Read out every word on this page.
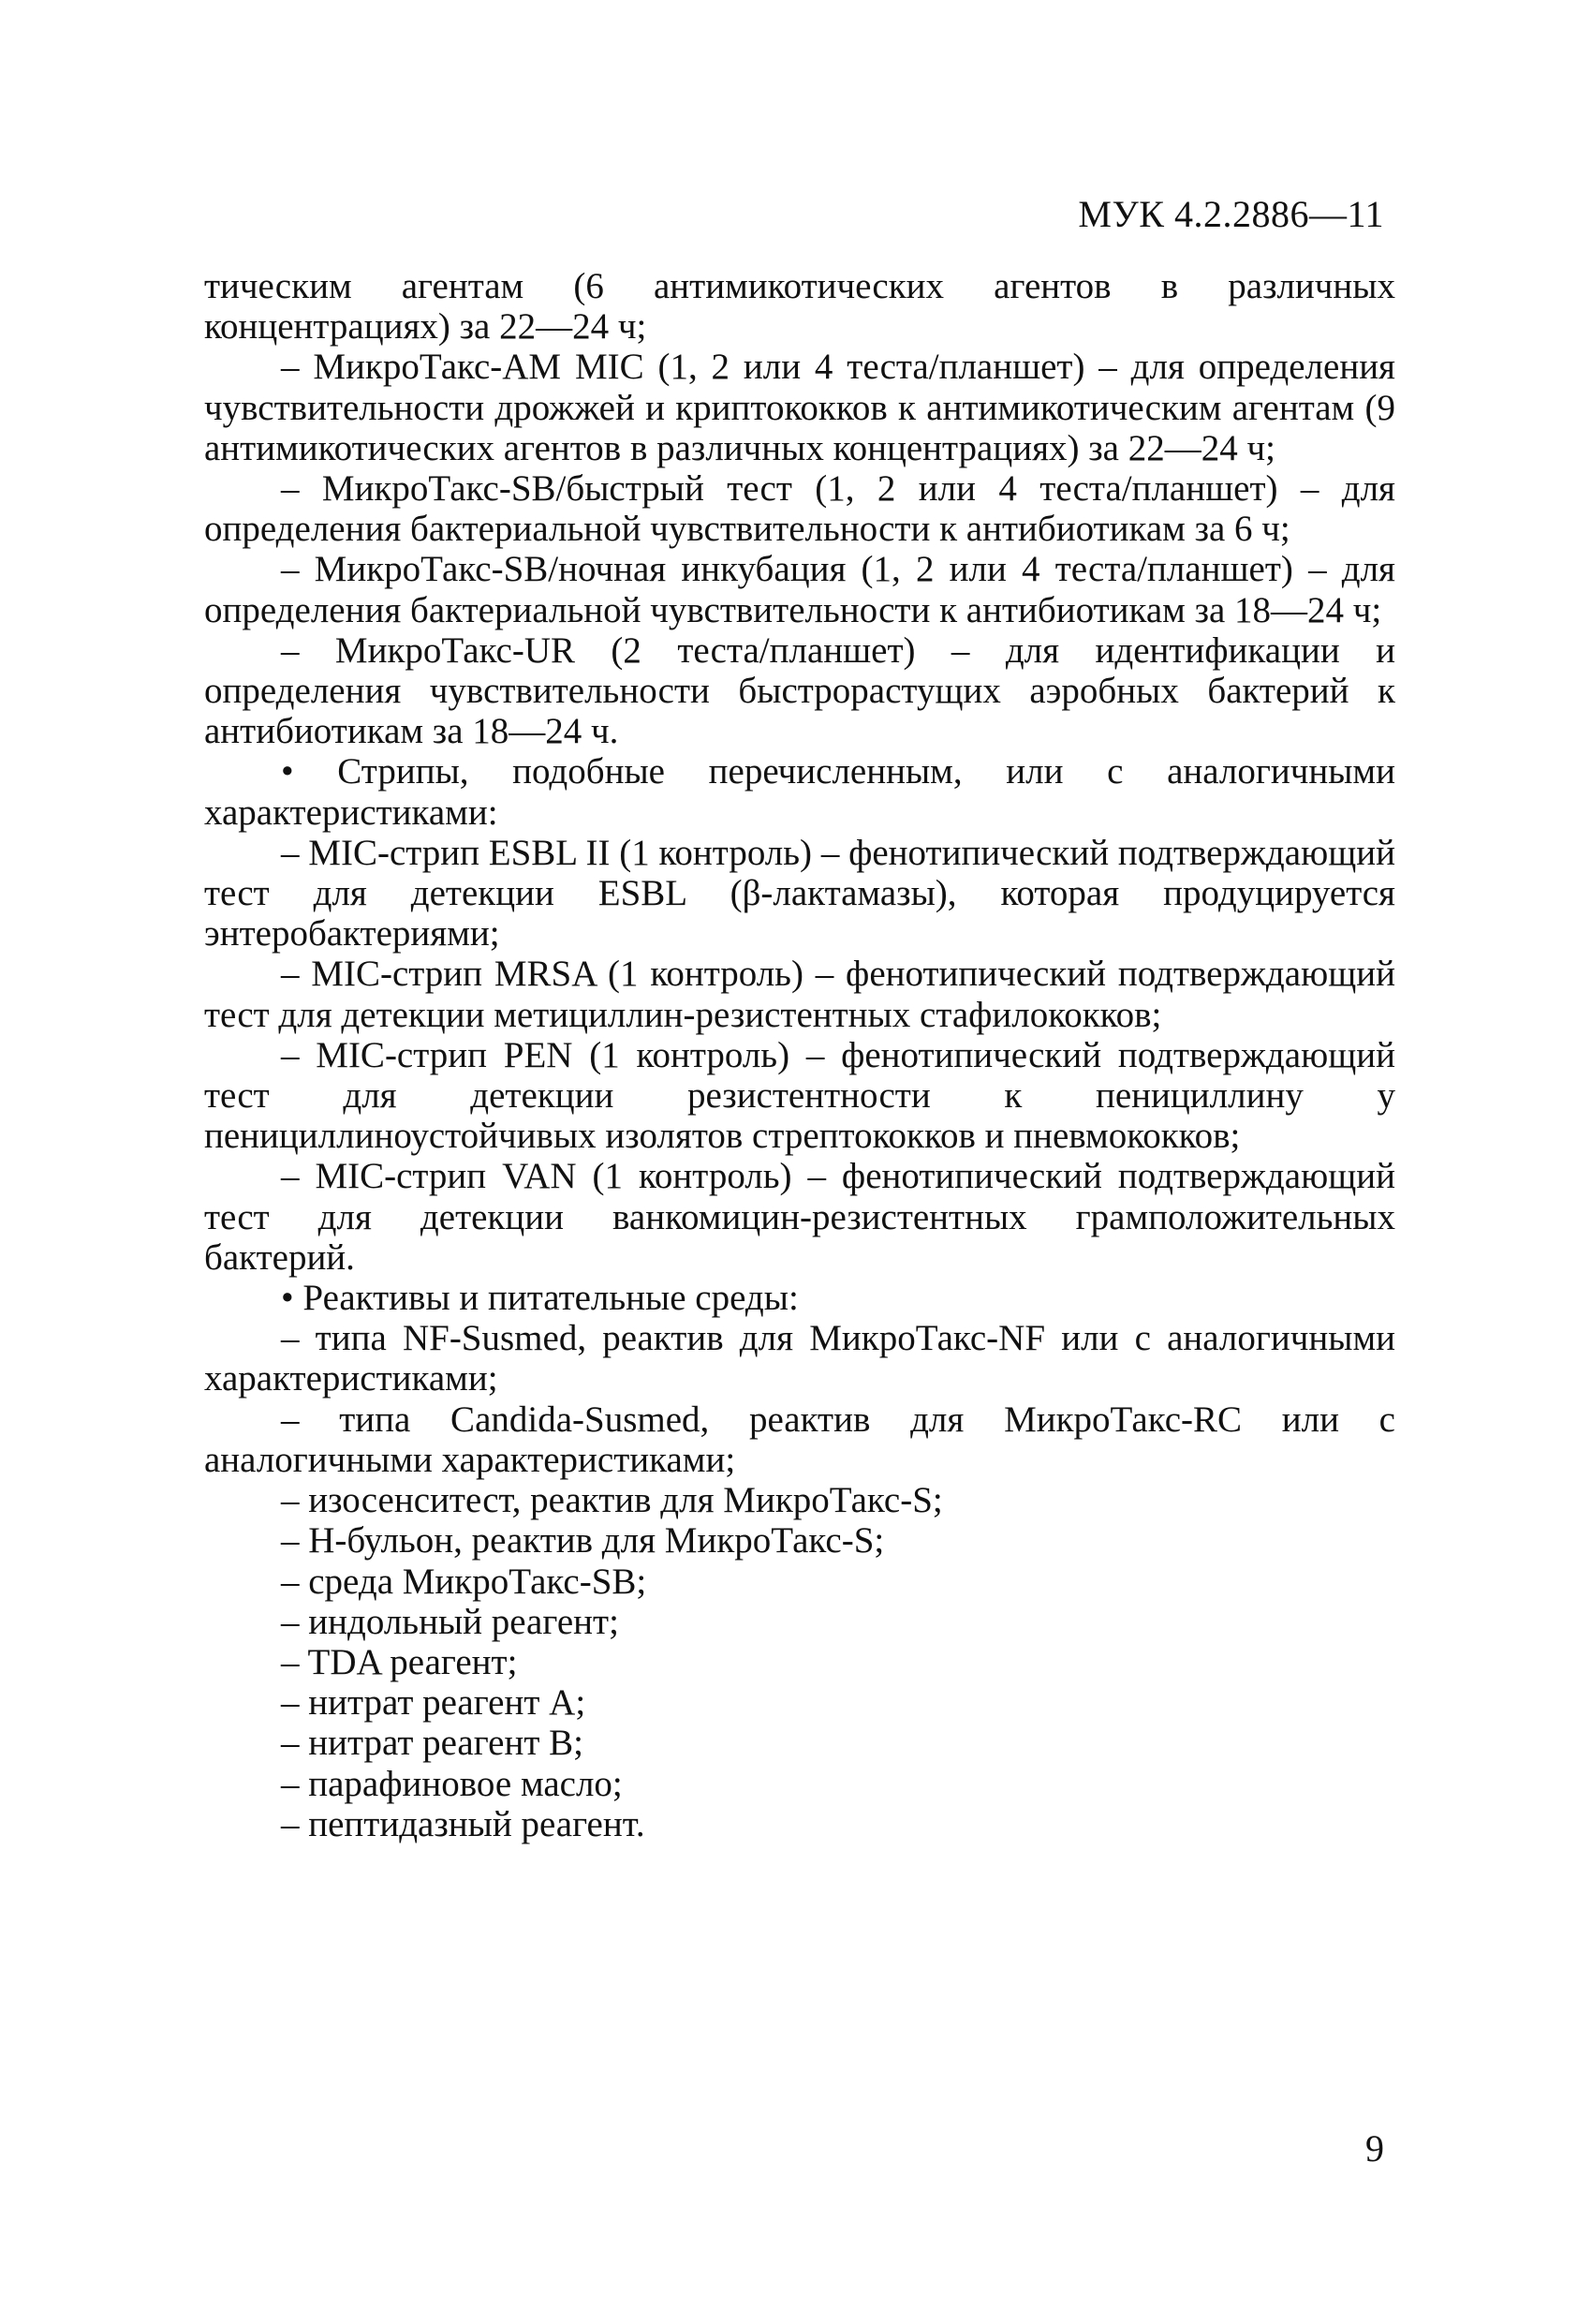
МУК 4.2.2886—11

тическим агентам (6 антимикотических агентов в различных концентрациях) за 22—24 ч;

– МикроТакс-AM MIC (1, 2 или 4 теста/планшет) – для определения чувствительности дрожжей и криптококков к антимикотическим агентам (9 антимикотических агентов в различных концентрациях) за 22—24 ч;

– МикроТакс-SB/быстрый тест (1, 2 или 4 теста/планшет) – для определения бактериальной чувствительности к антибиотикам за 6 ч;

– МикроТакс-SB/ночная инкубация (1, 2 или 4 теста/планшет) – для определения бактериальной чувствительности к антибиотикам за 18—24 ч;

– МикроТакс-UR (2 теста/планшет) – для идентификации и определения чувствительности быстрорастущих аэробных бактерий к антибиотикам за 18—24 ч.

• Стрипы, подобные перечисленным, или с аналогичными характеристиками:

– MIC-стрип ESBL II (1 контроль) – фенотипический подтверждающий тест для детекции ESBL (β-лактамазы), которая продуцируется энтеробактериями;

– MIC-стрип MRSA (1 контроль) – фенотипический подтверждающий тест для детекции метициллин-резистентных стафилококков;

– MIC-стрип PEN (1 контроль) – фенотипический подтверждающий тест для детекции резистентности к пенициллину у пенициллиноустойчивых изолятов стрептококков и пневмококков;

– MIC-стрип VAN (1 контроль) – фенотипический подтверждающий тест для детекции ванкомицин-резистентных грамположительных бактерий.

• Реактивы и питательные среды:

– типа NF-Susmed, реактив для МикроТакс-NF или с аналогичными характеристиками;

– типа Candida-Susmed, реактив для МикроТакс-RC или с аналогичными характеристиками;

– изосенситест, реактив для МикроТакс-S;

– Н-бульон, реактив для МикроТакс-S;

– среда МикроТакс-SB;

– индольный реагент;

– TDA реагент;

– нитрат реагент А;

– нитрат реагент В;

– парафиновое масло;

– пептидазный реагент.

9
